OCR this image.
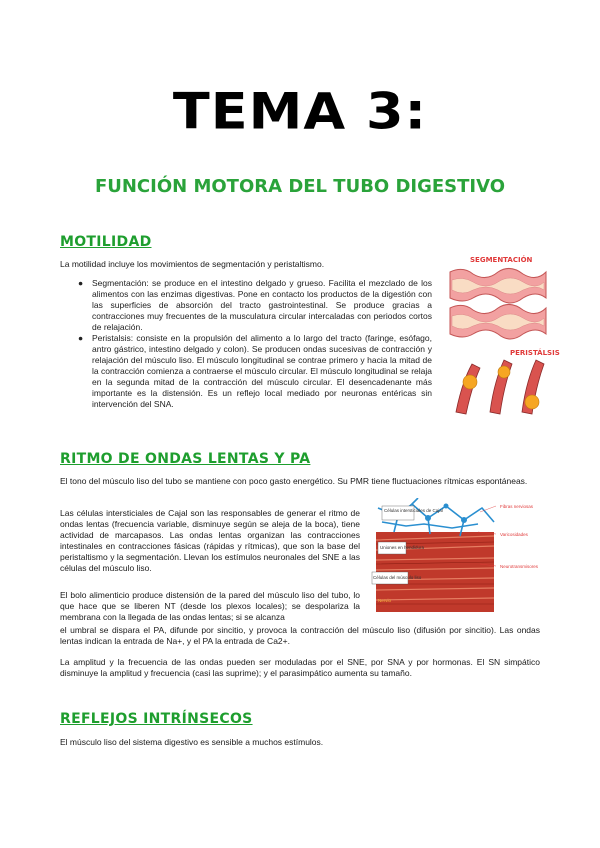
TEMA 3:
FUNCIÓN MOTORA DEL TUBO DIGESTIVO
MOTILIDAD
La motilidad incluye los movimientos de segmentación y peristaltismo.
● Segmentación: se produce en el intestino delgado y grueso. Facilita el mezclado de los alimentos con las enzimas digestivas. Pone en contacto los productos de la digestión con las superficies de absorción del tracto gastrointestinal. Se produce gracias a contracciones muy frecuentes de la musculatura circular intercaladas con periodos cortos de relajación.
● Peristalsis: consiste en la propulsión del alimento a lo largo del tracto (faringe, esófago, antro gástrico, intestino delgado y colon). Se producen ondas sucesivas de contracción y relajación del músculo liso. El músculo longitudinal se contrae primero y hacia la mitad de la contracción comienza a contraerse el músculo circular. El músculo longitudinal se relaja en la segunda mitad de la contracción del músculo circular. El desencadenante más importante es la distensión. Es un reflejo local mediado por neuronas entéricas sin intervención del SNA.
SEGMENTACIÓN
PERISTÁLSIS
RITMO DE ONDAS LENTAS Y PA
El tono del músculo liso del tubo se mantiene con poco gasto energético. Su PMR tiene fluctuaciones rítmicas espontáneas.
Las células intersticiales de Cajal son las responsables de generar el ritmo de ondas lentas (frecuencia variable, disminuye según se aleja de la boca), tiene actividad de marcapasos. Las ondas lentas organizan las contracciones intestinales en contracciones fásicas (rápidas y rítmicas), que son la base del peristaltismo y la segmentación. Llevan los estímulos neuronales del SNE a las células del músculo liso.
El bolo alimenticio produce distensión de la pared del músculo liso del tubo, lo que hace que se liberen NT (desde los plexos locales); se despolariza la membrana con la llegada de las ondas lentas; si se alcanza
el umbral se dispara el PA, difunde por sincitio, y provoca la contracción del músculo liso (difusión por sincitio). Las ondas lentas indican la entrada de Na+, y el PA la entrada de Ca2+.
La amplitud y la frecuencia de las ondas pueden ser moduladas por el SNE, por SNA y por hormonas. El SN simpático disminuye la amplitud y frecuencia (casi las suprime); y el parasimpático aumenta su tamaño.
Células intersticiales de Cajal
Uniones en hendidura
Células del músculo liso
Fibras nerviosas
Varicosidades
Neurotransmisores
Nervio
REFLEJOS INTRÍNSECOS
El músculo liso del sistema digestivo es sensible a muchos estímulos.
